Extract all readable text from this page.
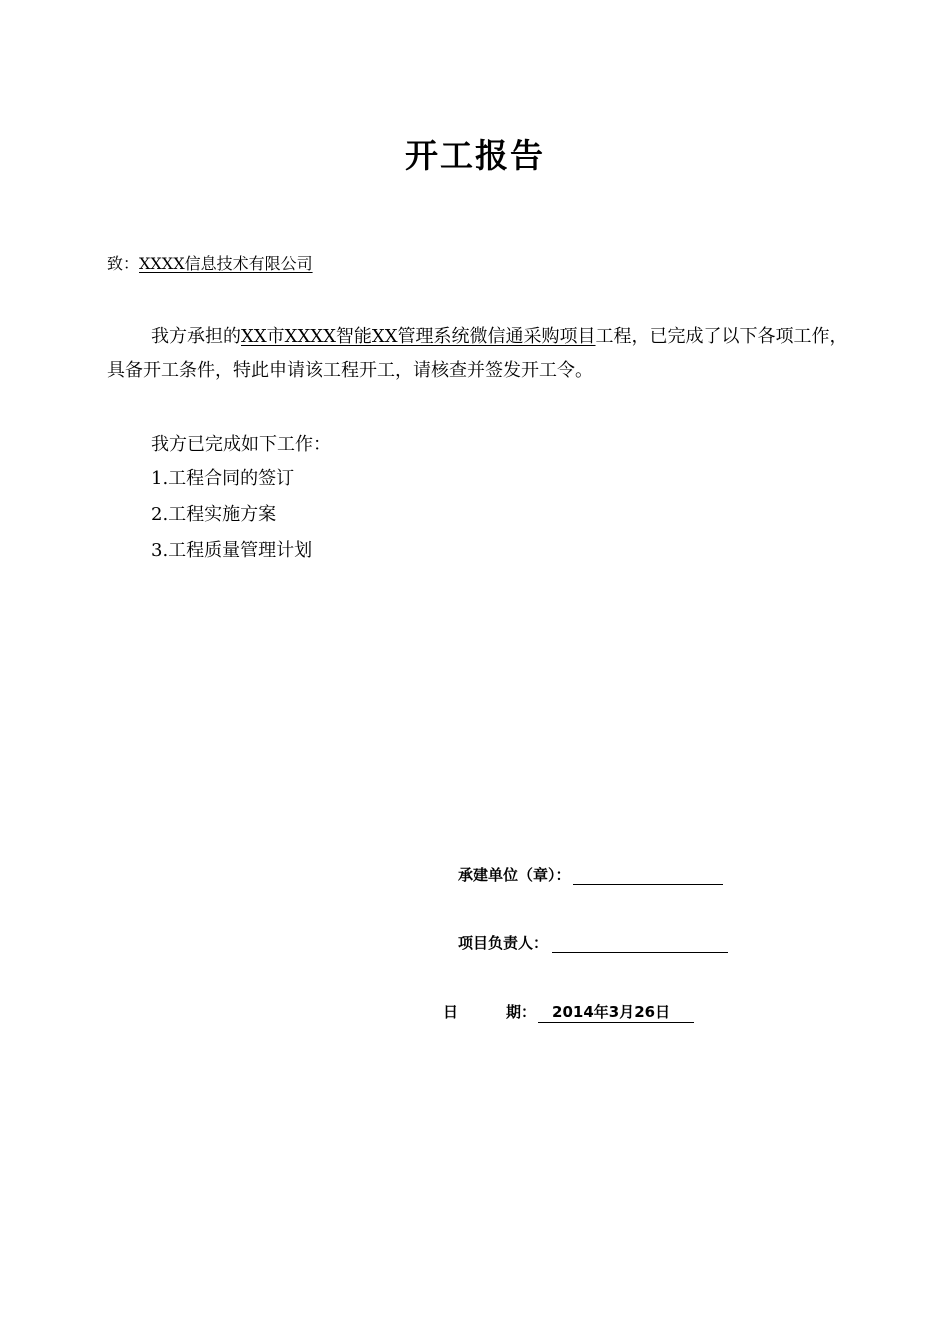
开工报告
致：XXXX信息技术有限公司

我方承担的XX市XXXX智能XX管理系统微信通采购项目工程，已完成了以下各项工作，具备开工条件，特此申请该工程开工，请核查并签发开工令。

我方已完成如下工作：
1.工程合同的签订
2.工程实施方案
3.工程质量管理计划
承建单位（章）：
项目负责人：
日	期： 2014年3月26日
